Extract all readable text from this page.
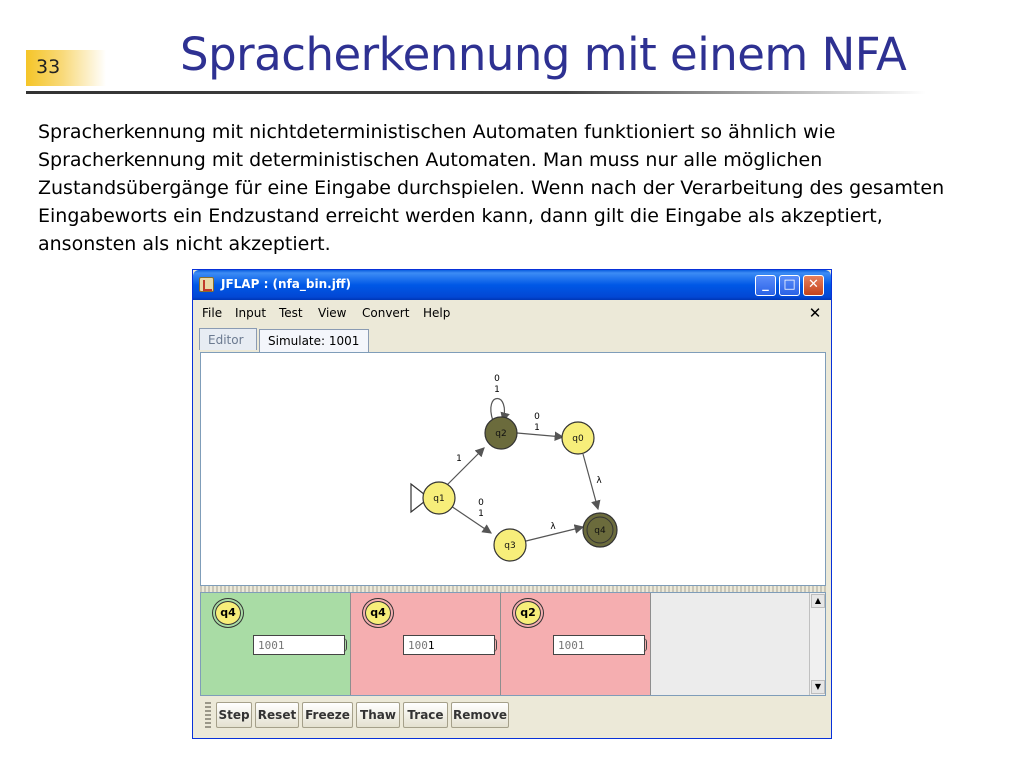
33	Spracherkennung mit einem NFA
Spracherkennung mit nichtdeterministischen Automaten funktioniert so ähnlich wie
Spracherkennung mit deterministischen Automaten. Man muss nur alle möglichen
Zustandsübergänge für eine Eingabe durchspielen. Wenn nach der Verarbeitung des gesamten
Eingabeworts ein Endzustand erreicht werden kann, dann gilt die Eingabe als akzeptiert,
ansonsten als nicht akzeptiert.
JFLAP : (nfa_bin.jff)	_	□ ✕
File Input Test View Convert Help	✕
Editor	Simulate: 1001
0
1
0
1
1
0
1
λ
λ
q2	q0
q1
q3
q4
q4
1001
q4
1001
q2
1001
▲
▼
Step Reset Freeze Thaw Trace Remove
